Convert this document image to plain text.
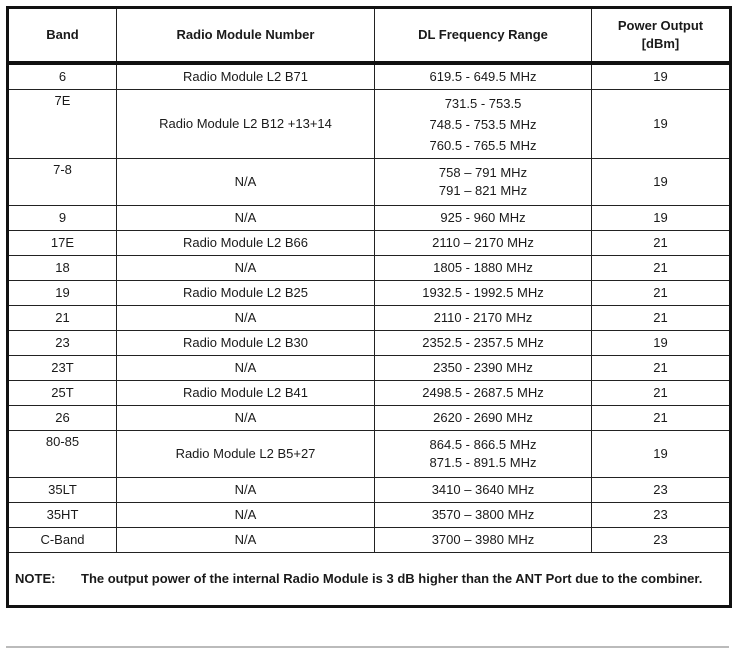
Band	Radio Module Number	DL Frequency Range	Power Output
[dBm]

6	Radio Module L2 B71	619.5 - 649.5 MHz	19
7E	Radio Module L2 B12 +13+14	731.5 - 753.5
748.5 - 753.5 MHz
760.5 - 765.5 MHz	19
7-8	N/A	758 – 791 MHz
791 – 821 MHz	19
9	N/A	925 - 960 MHz	19
17E	Radio Module L2 B66	2110 – 2170 MHz	21
18	N/A	1805 - 1880 MHz	21
19	Radio Module L2 B25	1932.5 - 1992.5 MHz	21
21	N/A	2110 - 2170 MHz	21
23	Radio Module L2 B30	2352.5 - 2357.5 MHz	19
23T	N/A	2350 - 2390 MHz	21
25T	Radio Module L2 B41	2498.5 - 2687.5 MHz	21
26	N/A	2620 - 2690 MHz	21
80-85	Radio Module L2 B5+27	864.5 - 866.5 MHz
871.5 - 891.5 MHz	19
35LT	N/A	3410 – 3640 MHz	23
35HT	N/A	3570 – 3800 MHz	23
C-Band	N/A	3700 – 3980 MHz	23

NOTE: The output power of the internal Radio Module is 3 dB higher than the ANT Port due to the combiner.			
